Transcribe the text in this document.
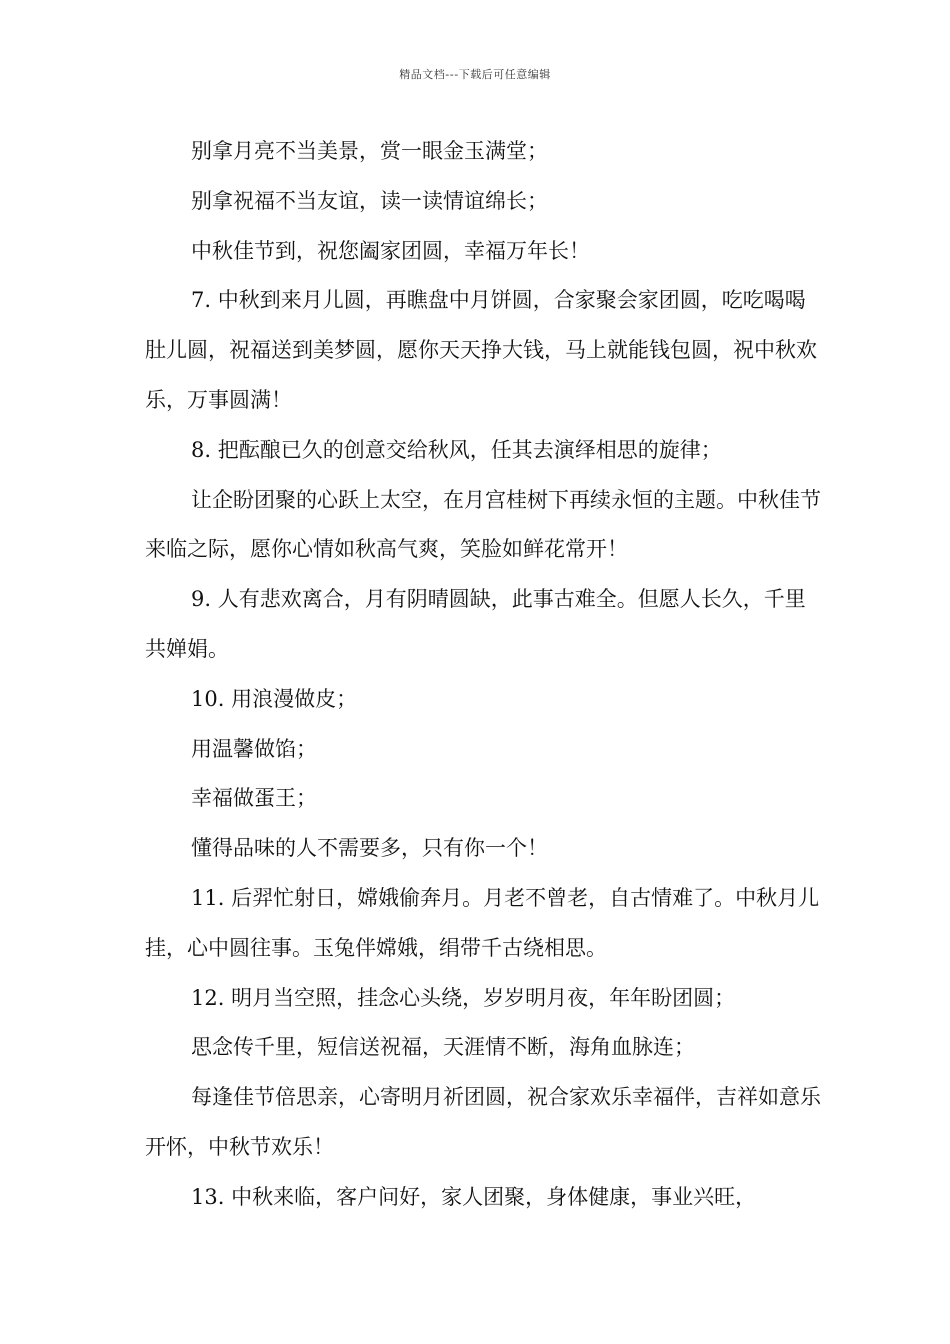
精品文档---下载后可任意编辑

别拿月亮不当美景，赏一眼金玉满堂；

别拿祝福不当友谊，读一读情谊绵长；

中秋佳节到，祝您阖家团圆，幸福万年长！

7. 中秋到来月儿圆，再瞧盘中月饼圆，合家聚会家团圆，吃吃喝喝肚儿圆，祝福送到美梦圆，愿你天天挣大钱，马上就能钱包圆，祝中秋欢乐，万事圆满！

8. 把酝酿已久的创意交给秋风，任其去演绎相思的旋律；

让企盼团聚的心跃上太空，在月宫桂树下再续永恒的主题。中秋佳节来临之际，愿你心情如秋高气爽，笑脸如鲜花常开！

9. 人有悲欢离合，月有阴晴圆缺，此事古难全。但愿人长久，千里共婵娟。

10. 用浪漫做皮；

用温馨做馅；

幸福做蛋王；

懂得品味的人不需要多，只有你一个！

11. 后羿忙射日，嫦娥偷奔月。月老不曾老，自古情难了。中秋月儿挂，心中圆往事。玉兔伴嫦娥，绢带千古绕相思。

12. 明月当空照，挂念心头绕，岁岁明月夜，年年盼团圆；

思念传千里，短信送祝福，天涯情不断，海角血脉连；

每逢佳节倍思亲，心寄明月祈团圆，祝合家欢乐幸福伴，吉祥如意乐开怀，中秋节欢乐！

13. 中秋来临，客户问好，家人团聚，身体健康，事业兴旺，
